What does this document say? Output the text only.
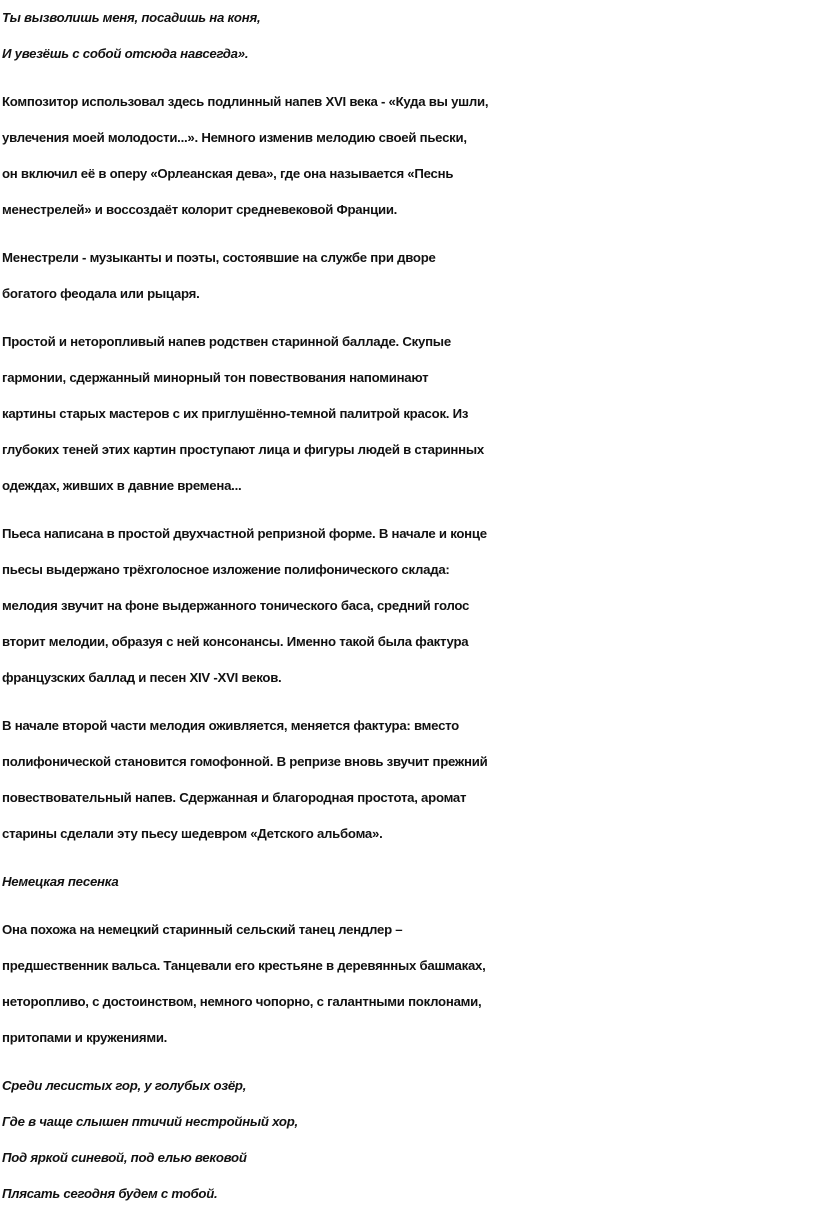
Ты вызволишь меня, посадишь на коня,
И увезёшь с собой отсюда навсегда».
Композитор использовал здесь подлинный напев XVI века - «Куда вы ушли,
увлечения моей молодости...». Немного изменив мелодию своей пьески,
он включил её в оперу «Орлеанская дева», где она называется «Песнь
менестрелей» и воссоздаёт колорит средневековой Франции.
Менестрели - музыканты и поэты, состоявшие на службе при дворе
богатого феодала или рыцаря.
Простой и неторопливый напев родствен старинной балладе. Скупые
гармонии, сдержанный минорный тон повествования напоминают
картины старых мастеров с их приглушённо-темной палитрой красок. Из
глубоких теней этих картин проступают лица и фигуры людей в старинных
одеждах, живших в давние времена...
Пьеса написана в простой двухчастной репризной форме. В начале и конце
пьесы выдержано трёхголосное изложение полифонического склада:
мелодия звучит на фоне выдержанного тонического баса, средний голос
вторит мелодии, образуя с ней консонансы. Именно такой была фактура
французских баллад и песен XIV -XVI веков.
В начале второй части мелодия оживляется, меняется фактура: вместо
полифонической становится гомофонной. В репризе вновь звучит прежний
повествовательный напев. Сдержанная и благородная простота, аромат
старины сделали эту пьесу шедевром «Детского альбома».
Немецкая песенка
Она похожа на немецкий старинный сельский танец лендлер –
предшественник вальса. Танцевали его крестьяне в деревянных башмаках,
неторопливо, с достоинством, немного чопорно, с галантными поклонами,
притопами и кружениями.
Среди лесистых гор, у голубых озёр,
Где в чаще слышен птичий нестройный хор,
Под яркой синевой, под елью вековой
Плясать сегодня будем с тобой.
